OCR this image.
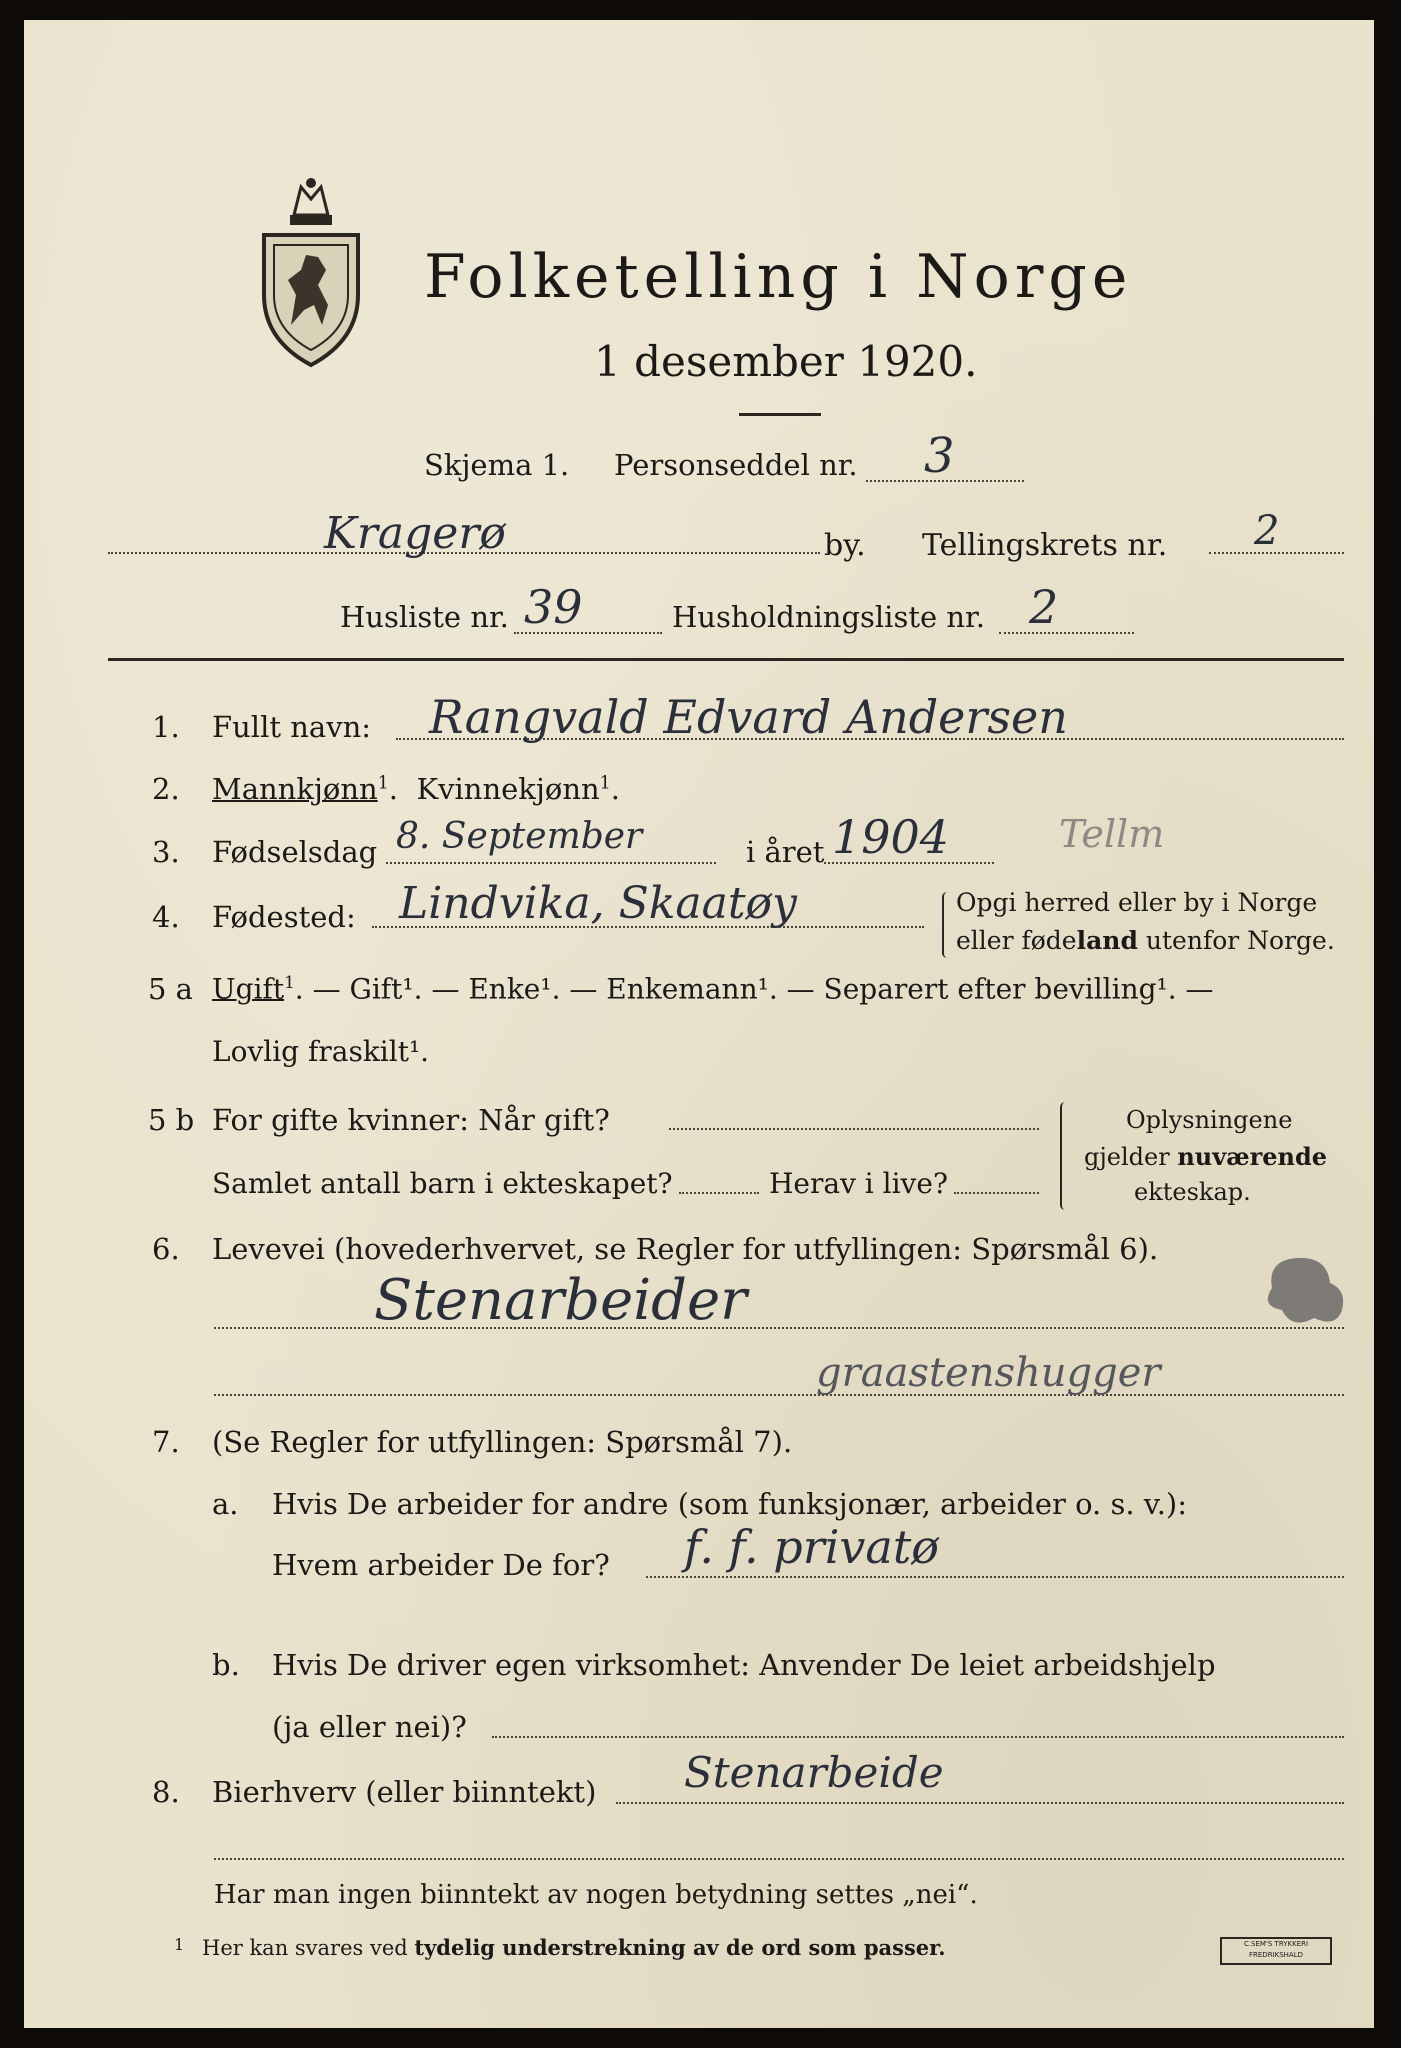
Folketelling i Norge
1 desember 1920.
Skjema 1. Personseddel nr. 3
Kragerø	by. Tellingskrets nr. 2
Husliste nr. 39	Husholdningsliste nr. 2
1. Fullt navn: Rangvald Edvard Andersen
2. Mannkjønn$^1$.  Kvinnekjønn$^1$.
3. Fødselsdag 8. September	i året 1904	Tellm
4. Fødested: Lindvika, Skaatøy	Opgi herred eller by i Norge
eller fødeland utenfor Norge.
5 a Ugift$^1$. — Gift¹. — Enke¹. — Enkemann¹. — Separert efter bevilling¹. —
Lovlig fraskilt¹.
5 b For gifte kvinner: Når gift?
Samlet antall barn i ekteskapet?	Herav i live?
Oplysningene
gjelder nuværende
ekteskap.
6. Levevei (hovederhvervet, se Regler for utfyllingen: Spørsmål 6).
Stenarbeider
graastenshugger
7. (Se Regler for utfyllingen: Spørsmål 7).
a. Hvis De arbeider for andre (som funksjonær, arbeider o. s. v.):
Hvem arbeider De for? f. f. privatø
b. Hvis De driver egen virksomhet: Anvender De leiet arbeidshjelp
(ja eller nei)?
8. Bierhverv (eller biinntekt) Stenarbeide
Har man ingen biinntekt av nogen betydning settes „nei“.
1 Her kan svares ved tydelig understrekning av de ord som passer.	C.SEM'S TRYKKERI
FREDRIKSHALD
